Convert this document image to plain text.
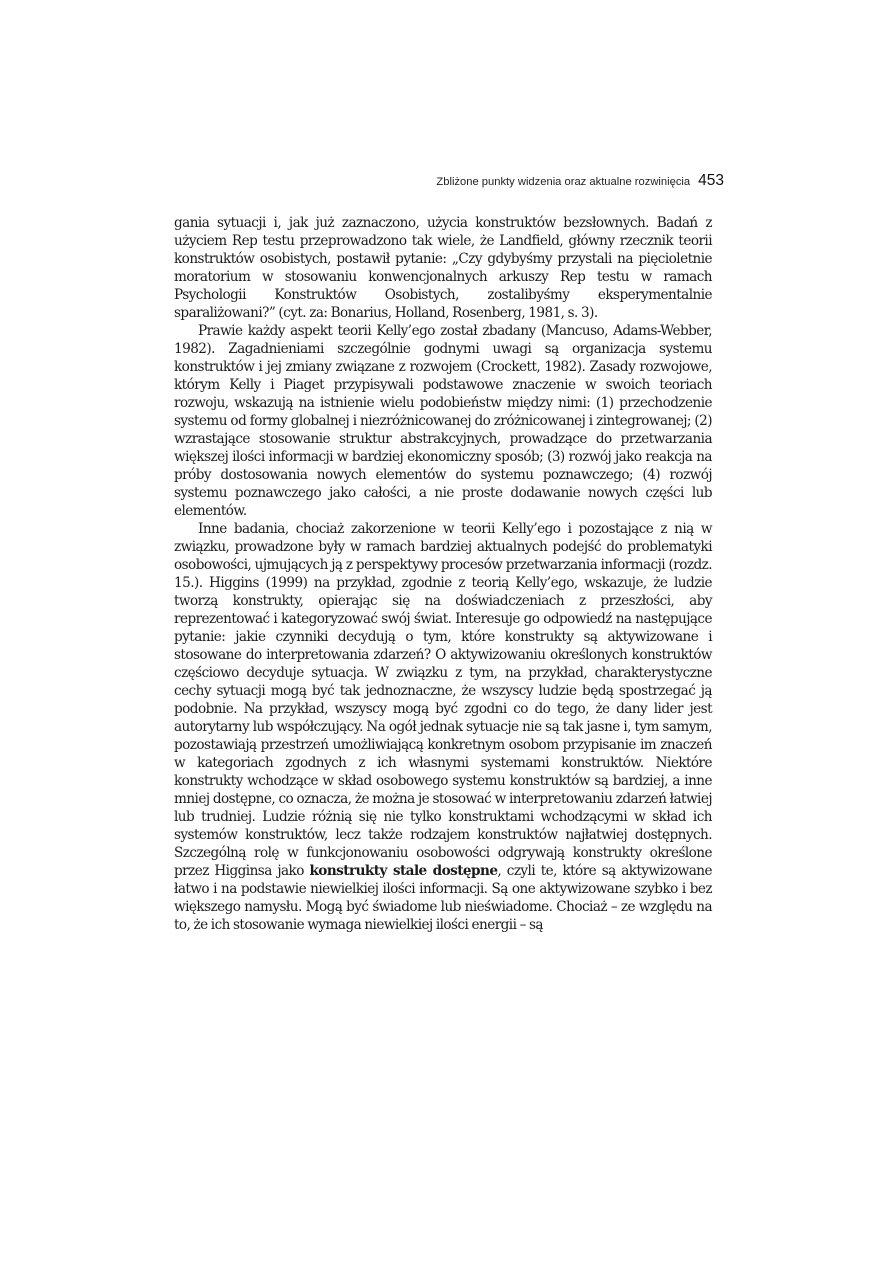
Zbliżone punkty widzenia oraz aktualne rozwinięcia 453

gania sytuacji i, jak już zaznaczono, użycia konstruktów bezsłownych. Badań z użyciem Rep testu przeprowadzono tak wiele, że Landfield, główny rzecznik teorii konstruktów osobistych, postawił pytanie: „Czy gdybyśmy przystali na pięcioletnie moratorium w stosowaniu konwencjonalnych arkuszy Rep testu w ramach Psychologii Konstruktów Osobistych, zostalibyśmy eksperymentalnie sparaliżowani?” (cyt. za: Bonarius, Holland, Rosenberg, 1981, s. 3).

Prawie każdy aspekt teorii Kelly’ego został zbadany (Mancuso, Adams-Webber, 1982). Zagadnieniami szczególnie godnymi uwagi są organizacja systemu konstruktów i jej zmiany związane z rozwojem (Crockett, 1982). Zasady rozwojowe, którym Kelly i Piaget przypisywali podstawowe znaczenie w swoich teoriach rozwoju, wskazują na istnienie wielu podobieństw między nimi: (1) przechodzenie systemu od formy globalnej i niezróżnicowanej do zróżnicowanej i zintegrowanej; (2) wzrastające stosowanie struktur abstrakcyjnych, prowadzące do przetwarzania większej ilości informacji w bardziej ekonomiczny sposób; (3) rozwój jako reakcja na próby dostosowania nowych elementów do systemu poznawczego; (4) rozwój systemu poznawczego jako całości, a nie proste dodawanie nowych części lub elementów.

Inne badania, chociaż zakorzenione w teorii Kelly’ego i pozostające z nią w związku, prowadzone były w ramach bardziej aktualnych podejść do problematyki osobowości, ujmujących ją z perspektywy procesów przetwarzania informacji (rozdz. 15.). Higgins (1999) na przykład, zgodnie z teorią Kelly’ego, wskazuje, że ludzie tworzą konstrukty, opierając się na doświadczeniach z przeszłości, aby reprezentować i kategoryzować swój świat. Interesuje go odpowiedź na następujące pytanie: jakie czynniki decydują o tym, które konstrukty są aktywizowane i stosowane do interpretowania zdarzeń? O aktywizowaniu określonych konstruktów częściowo decyduje sytuacja. W związku z tym, na przykład, charakterystyczne cechy sytuacji mogą być tak jednoznaczne, że wszyscy ludzie będą spostrzegać ją podobnie. Na przykład, wszyscy mogą być zgodni co do tego, że dany lider jest autorytarny lub współczujący. Na ogół jednak sytuacje nie są tak jasne i, tym samym, pozostawiają przestrzeń umożliwiającą konkretnym osobom przypisanie im znaczeń w kategoriach zgodnych z ich własnymi systemami konstruktów. Niektóre konstrukty wchodzące w skład osobowego systemu konstruktów są bardziej, a inne mniej dostępne, co oznacza, że można je stosować w interpretowaniu zdarzeń łatwiej lub trudniej. Ludzie różnią się nie tylko konstruktami wchodzącymi w skład ich systemów konstruktów, lecz także rodzajem konstruktów najłatwiej dostępnych. Szczególną rolę w funkcjonowaniu osobowości odgrywają konstrukty określone przez Higginsa jako konstrukty stale dostępne, czyli te, które są aktywizowane łatwo i na podstawie niewielkiej ilości informacji. Są one aktywizowane szybko i bez większego namysłu. Mogą być świadome lub nieświadome. Chociaż – ze względu na to, że ich stosowanie wymaga niewielkiej ilości energii – są
